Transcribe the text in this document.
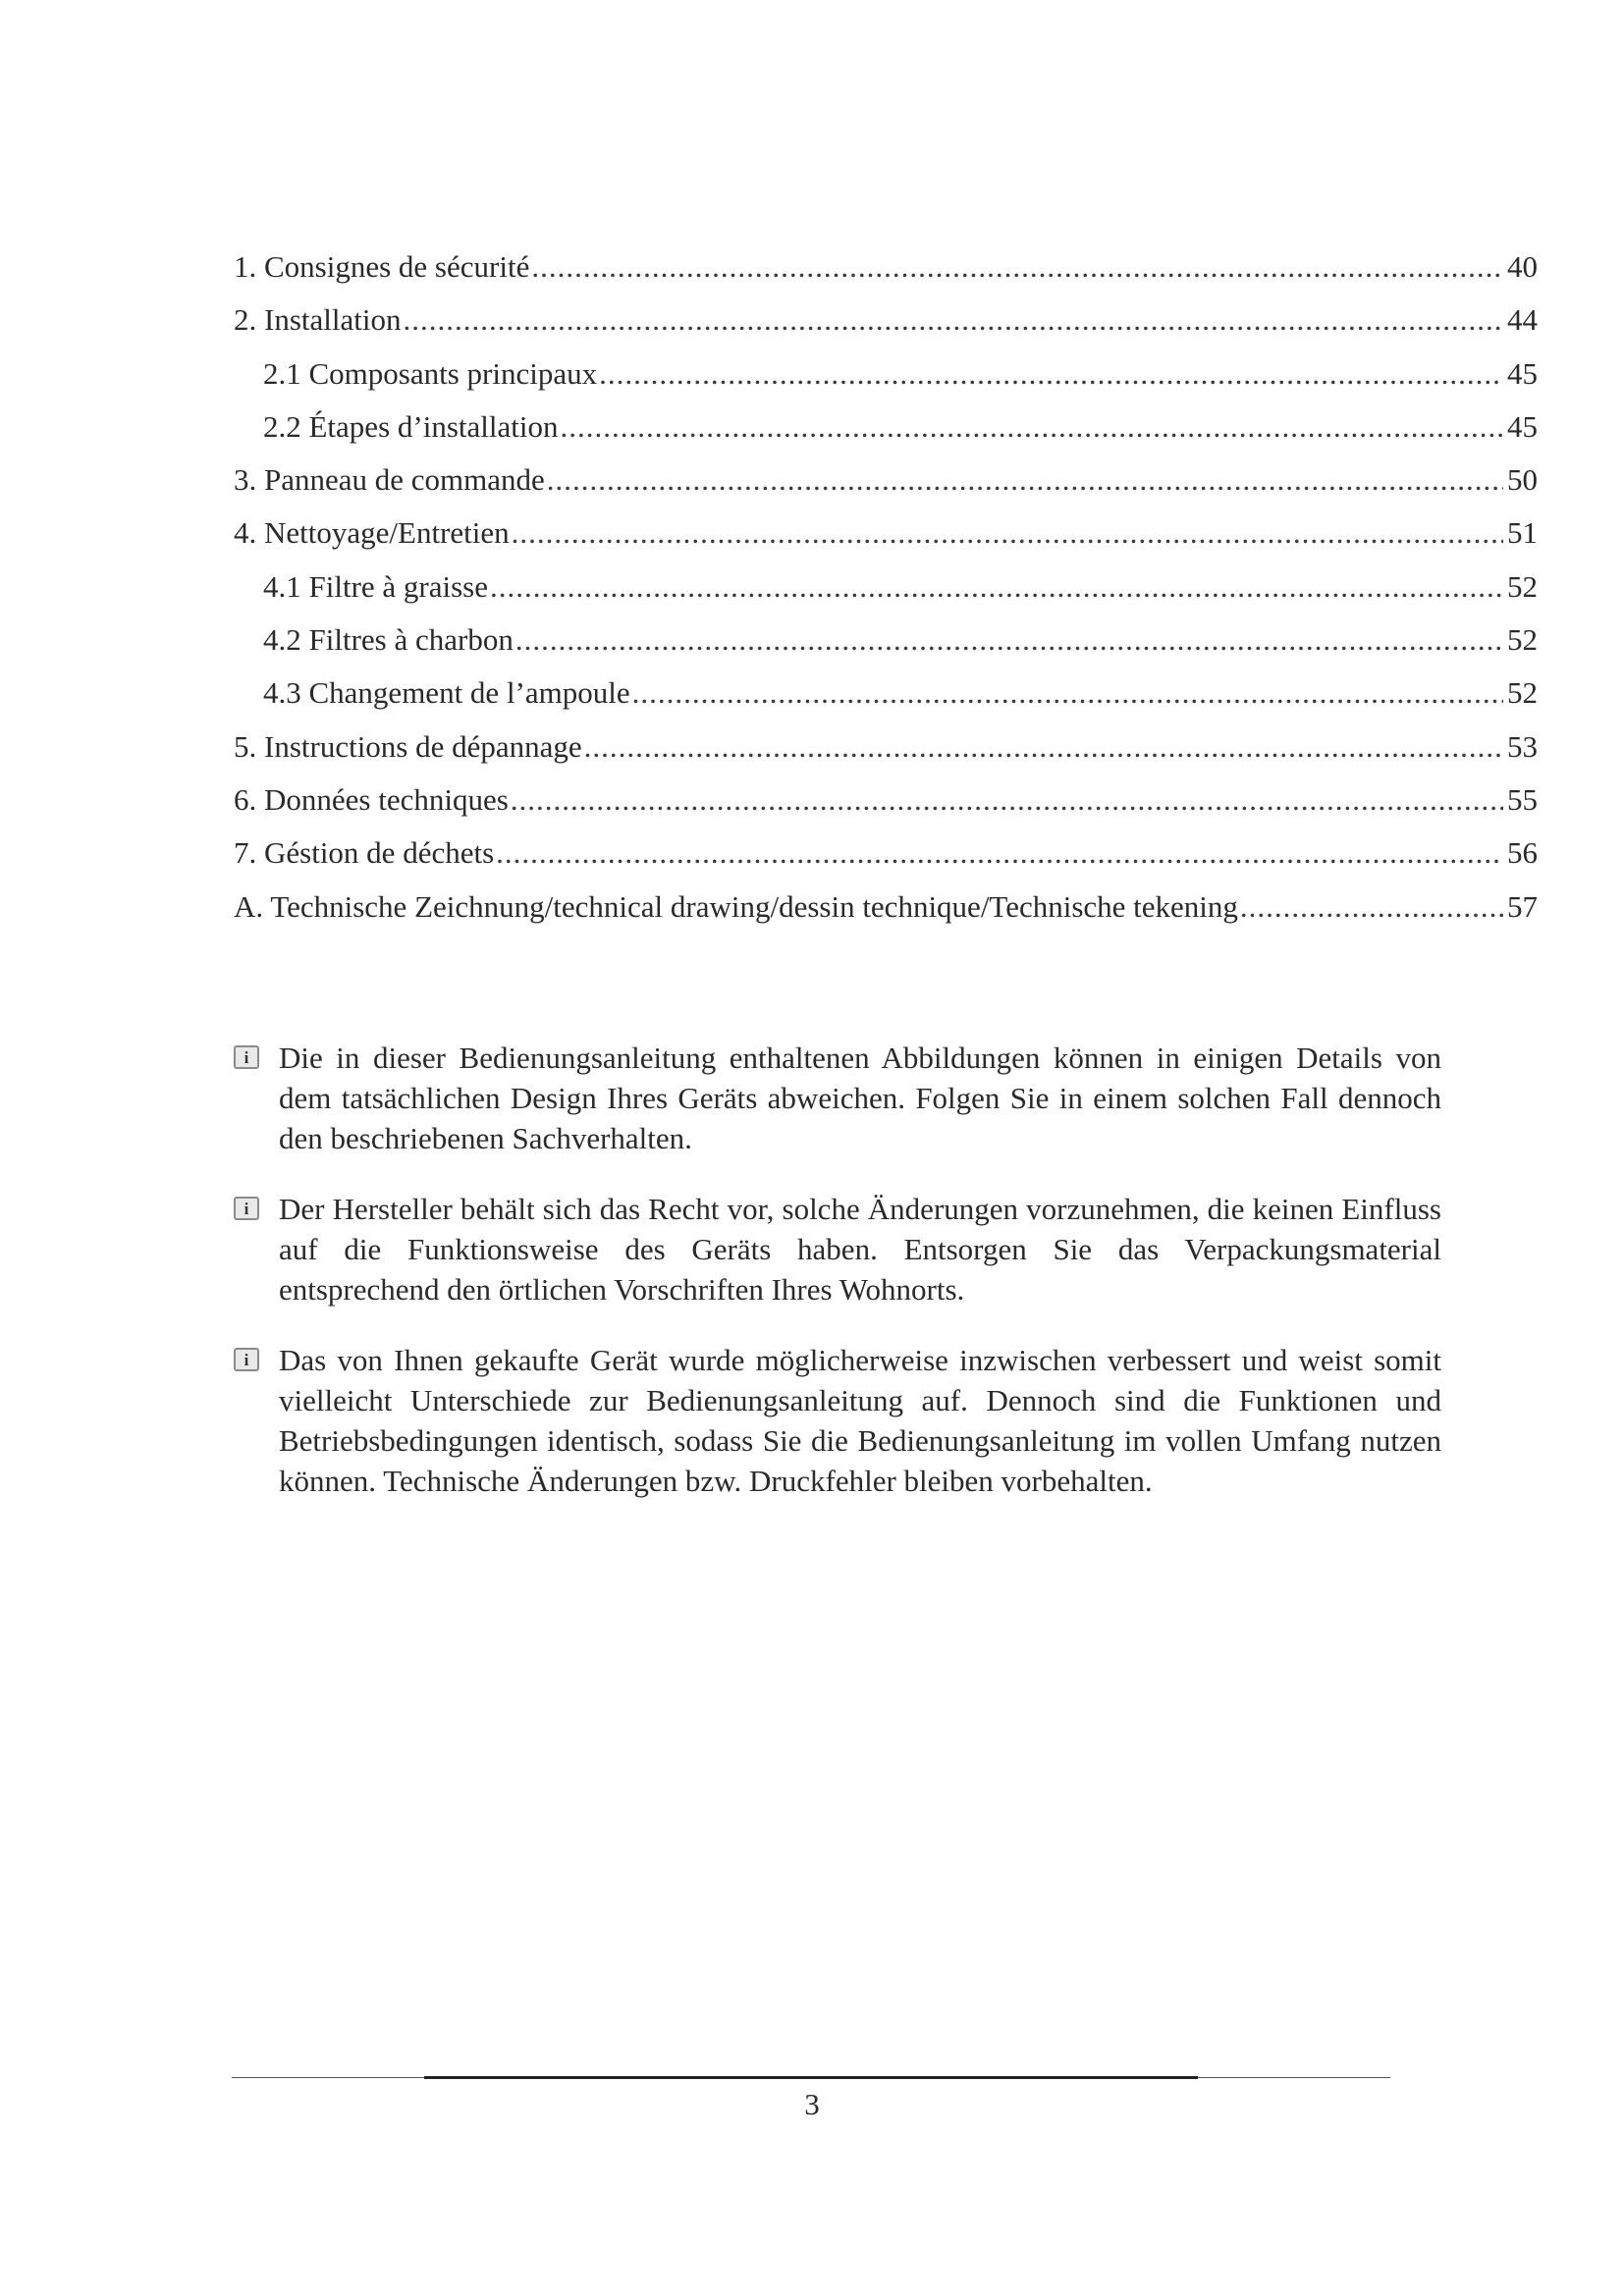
1. Consignes de sécurité .....	40
2. Installation .....	44
2.1 Composants principaux .....	45
2.2 Étapes d’installation .....	45
3. Panneau de commande .....	50
4. Nettoyage/Entretien .....	51
4.1 Filtre à graisse .....	52
4.2 Filtres à charbon .....	52
4.3 Changement de l’ampoule .....	52
5. Instructions de dépannage .....	53
6. Données techniques .....	55
7. Géstion de déchets .....	56
A. Technische Zeichnung/technical drawing/dessin technique/Technische tekening .....	57

i
Die in dieser Bedienungsanleitung enthaltenen Abbildungen können in einigen Details von dem tatsächlichen Design Ihres Geräts abweichen. Folgen Sie in einem solchen Fall dennoch den beschriebenen Sachverhalten.

i
Der Hersteller behält sich das Recht vor, solche Änderungen vorzunehmen, die keinen Einfluss auf die Funktionsweise des Geräts haben. Entsorgen Sie das Verpackungsmaterial entsprechend den örtlichen Vorschriften Ihres Wohnorts.

i
Das von Ihnen gekaufte Gerät wurde möglicherweise inzwischen verbessert und weist somit vielleicht Unterschiede zur Bedienungsanleitung auf. Dennoch sind die Funktionen und Betriebsbedingungen identisch, sodass Sie die Bedienungsanleitung im vollen Umfang nutzen können. Technische Änderungen bzw. Druckfehler bleiben vorbehalten.

3
